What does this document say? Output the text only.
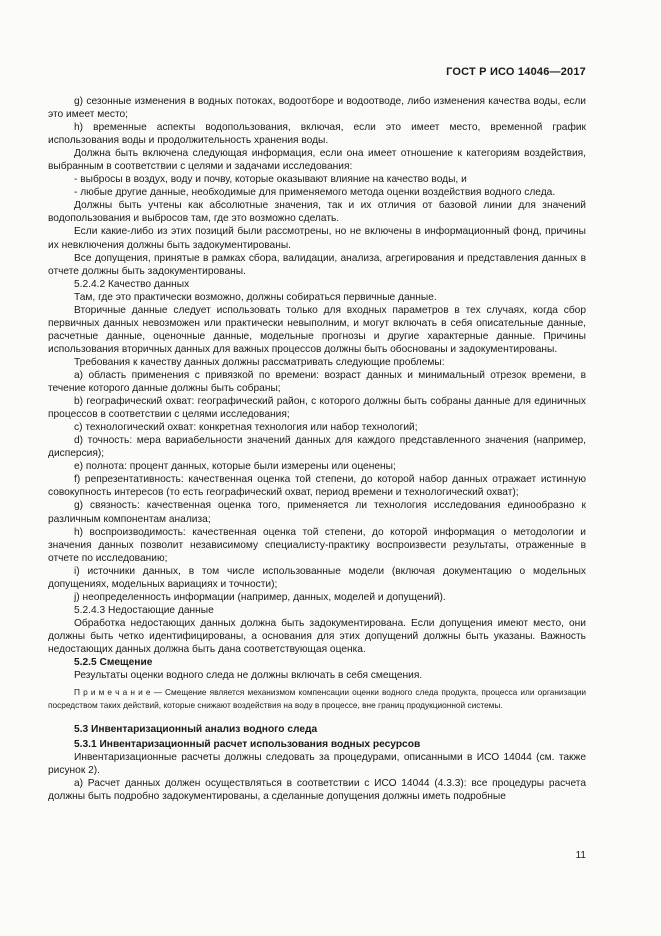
ГОСТ Р ИСО 14046—2017

g) сезонные изменения в водных потоках, водоотборе и водоотводе, либо изменения качества воды, если это имеет место;

h) временные аспекты водопользования, включая, если это имеет место, временной график использования воды и продолжительность хранения воды.

Должна быть включена следующая информация, если она имеет отношение к категориям воздействия, выбранным в соответствии с целями и задачами исследования:

- выбросы в воздух, воду и почву, которые оказывают влияние на качество воды, и

- любые другие данные, необходимые для применяемого метода оценки воздействия водного следа.

Должны быть учтены как абсолютные значения, так и их отличия от базовой линии для значений водопользования и выбросов там, где это возможно сделать.

Если какие-либо из этих позиций были рассмотрены, но не включены в информационный фонд, причины их невключения должны быть задокументированы.

Все допущения, принятые в рамках сбора, валидации, анализа, агрегирования и представления данных в отчете должны быть задокументированы.

5.2.4.2 Качество данных

Там, где это практически возможно, должны собираться первичные данные.

Вторичные данные следует использовать только для входных параметров в тех случаях, когда сбор первичных данных невозможен или практически невыполним, и могут включать в себя описательные данные, расчетные данные, оценочные данные, модельные прогнозы и другие характерные данные. Причины использования вторичных данных для важных процессов должны быть обоснованы и задокументированы.

Требования к качеству данных должны рассматривать следующие проблемы:

a) область применения с привязкой по времени: возраст данных и минимальный отрезок времени, в течение которого данные должны быть собраны;

b) географический охват: географический район, с которого должны быть собраны данные для единичных процессов в соответствии с целями исследования;

c) технологический охват: конкретная технология или набор технологий;

d) точность: мера вариабельности значений данных для каждого представленного значения (например, дисперсия);

e) полнота: процент данных, которые были измерены или оценены;

f) репрезентативность: качественная оценка той степени, до которой набор данных отражает истинную совокупность интересов (то есть географический охват, период времени и технологический охват);

g) связность: качественная оценка того, применяется ли технология исследования единообразно к различным компонентам анализа;

h) воспроизводимость: качественная оценка той степени, до которой информация о методологии и значения данных позволит независимому специалисту-практику воспроизвести результаты, отраженные в отчете по исследованию;

i) источники данных, в том числе использованные модели (включая документацию о модельных допущениях, модельных вариациях и точности);

j) неопределенность информации (например, данных, моделей и допущений).

5.2.4.3 Недостающие данные

Обработка недостающих данных должна быть задокументирована. Если допущения имеют место, они должны быть четко идентифицированы, а основания для этих допущений должны быть указаны. Важность недостающих данных должна быть дана соответствующая оценка.

5.2.5 Смещение

Результаты оценки водного следа не должны включать в себя смещения.

П р и м е ч а н и е — Смещение является механизмом компенсации оценки водного следа продукта, процесса или организации посредством таких действий, которые снижают воздействия на воду в процессе, вне границ продукционной системы.

5.3 Инвентаризационный анализ водного следа

5.3.1 Инвентаризационный расчет использования водных ресурсов

Инвентаризационные расчеты должны следовать за процедурами, описанными в ИСО 14044 (см. также рисунок 2).

a) Расчет данных должен осуществляться в соответствии с ИСО 14044 (4.3.3): все процедуры расчета должны быть подробно задокументированы, а сделанные допущения должны иметь подробные

11
